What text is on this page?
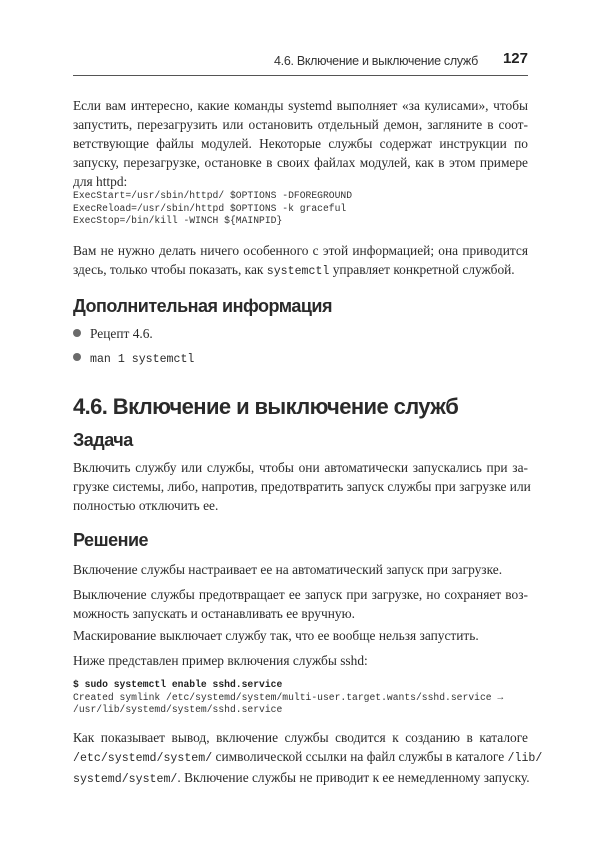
4.6. Включение и выключение служб 127

Если вам интересно, какие команды systemd выполняет «за кулисами», чтобы
запустить, перезагрузить или остановить отдельный демон, загляните в соот-
ветствующие файлы модулей. Некоторые службы содержат инструкции по
запуску, перезагрузке, остановке в своих файлах модулей, как в этом примере
для httpd:

ExecStart=/usr/sbin/httpd/ $OPTIONS -DFOREGROUND
ExecReload=/usr/sbin/httpd $OPTIONS -k graceful
ExecStop=/bin/kill -WINCH ${MAINPID}

Вам не нужно делать ничего особенного с этой информацией; она приводится
здесь, только чтобы показать, как systemctl управляет конкретной службой.

Дополнительная информация
Рецепт 4.6.
man 1 systemctl
4.6. Включение и выключение служб
Задача

Включить службу или службы, чтобы они автоматически запускались при за-
грузке системы, либо, напротив, предотвратить запуск службы при загрузке или
полностью отключить ее.

Решение

Включение службы настраивает ее на автоматический запуск при загрузке.

Выключение службы предотвращает ее запуск при загрузке, но сохраняет воз-
можность запускать и останавливать ее вручную.

Маскирование выключает службу так, что ее вообще нельзя запустить.

Ниже представлен пример включения службы sshd:

$ sudo systemctl enable sshd.service
Created symlink /etc/systemd/system/multi-user.target.wants/sshd.service →
/usr/lib/systemd/system/sshd.service

Как показывает вывод, включение службы сводится к созданию в каталоге
/etc/systemd/system/ символической ссылки на файл службы в каталоге /lib/
systemd/system/. Включение службы не приводит к ее немедленному запуску.
